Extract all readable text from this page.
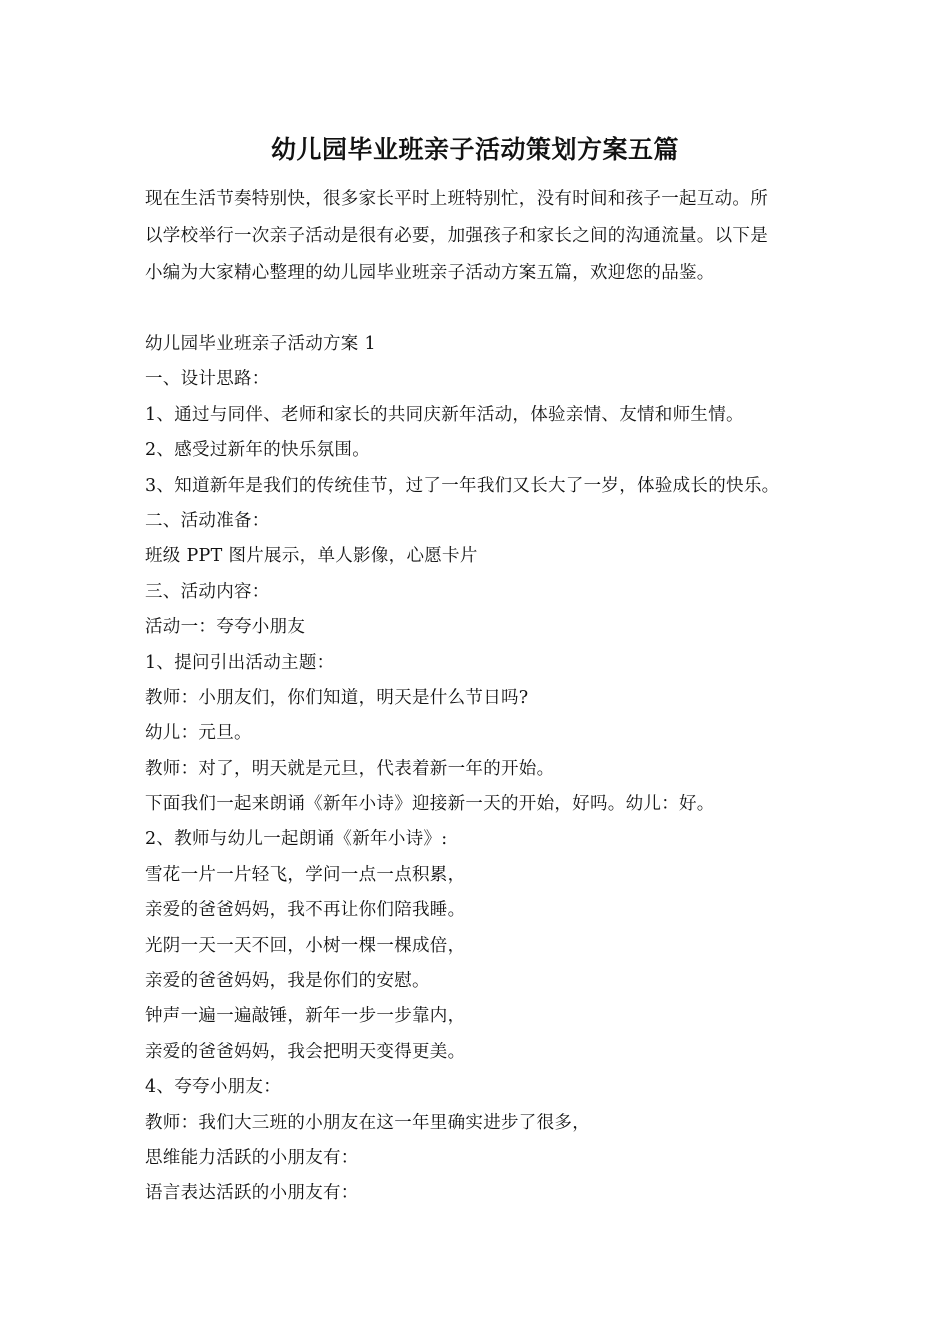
幼儿园毕业班亲子活动策划方案五篇

现在生活节奏特别快，很多家长平时上班特别忙，没有时间和孩子一起互动。所

以学校举行一次亲子活动是很有必要，加强孩子和家长之间的沟通流量。以下是

小编为大家精心整理的幼儿园毕业班亲子活动方案五篇，欢迎您的品鉴。

幼儿园毕业班亲子活动方案 1

一、设计思路：

1、通过与同伴、老师和家长的共同庆新年活动，体验亲情、友情和师生情。

2、感受过新年的快乐氛围。

3、知道新年是我们的传统佳节，过了一年我们又长大了一岁，体验成长的快乐。

二、活动准备：

班级 PPT 图片展示，单人影像，心愿卡片

三、活动内容：

活动一：夸夸小朋友

1、提问引出活动主题：

教师：小朋友们，你们知道，明天是什么节日吗?

幼儿：元旦。

教师：对了，明天就是元旦，代表着新一年的开始。

下面我们一起来朗诵《新年小诗》迎接新一天的开始，好吗。幼儿：好。

2、教师与幼儿一起朗诵《新年小诗》:

雪花一片一片轻飞，学问一点一点积累，

亲爱的爸爸妈妈，我不再让你们陪我睡。

光阴一天一天不回，小树一棵一棵成倍，

亲爱的爸爸妈妈，我是你们的安慰。

钟声一遍一遍敲锤，新年一步一步靠内，

亲爱的爸爸妈妈，我会把明天变得更美。

4、夸夸小朋友：

教师：我们大三班的小朋友在这一年里确实进步了很多，

思维能力活跃的小朋友有：

语言表达活跃的小朋友有：
